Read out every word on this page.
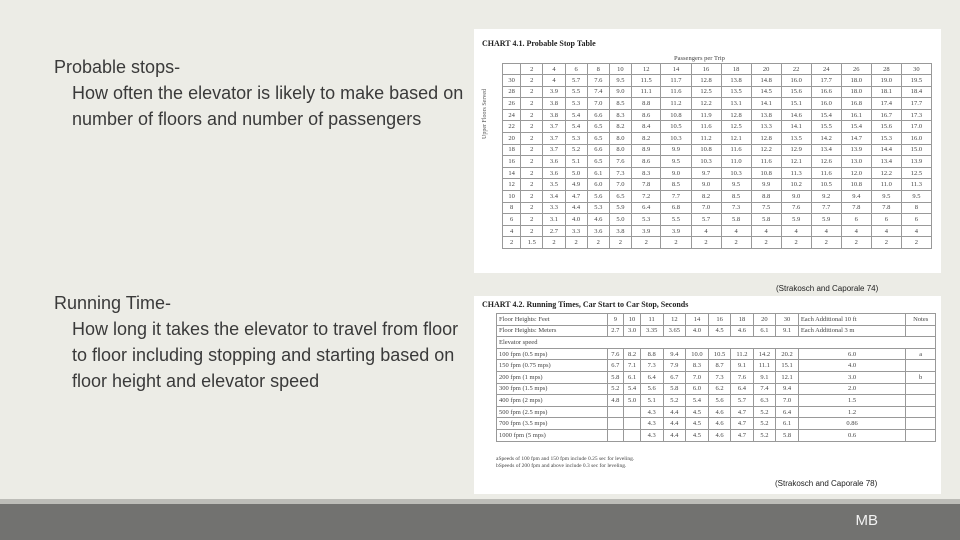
Probable stops-
How often the elevator is likely to make based on number of floors and number of passengers
Running Time-
How long it takes the elevator to travel from floor to floor including stopping and starting based on floor height and elevator speed
CHART 4.1. Probable Stop Table
Passengers per Trip
Upper Floors Served
	2	4	6	8	10	12	14	16	18	20	22	24	26	28	30
30	2	4	5.7	7.6	9.5	11.5	11.7	12.8	13.8	14.8	16.0	17.7	18.0	19.0	19.5
28	2	3.9	5.5	7.4	9.0	11.1	11.6	12.5	13.5	14.5	15.6	16.6	18.0	18.1	18.4
26	2	3.8	5.3	7.0	8.5	8.8	11.2	12.2	13.1	14.1	15.1	16.0	16.8	17.4	17.7
24	2	3.8	5.4	6.6	8.3	8.6	10.8	11.9	12.8	13.8	14.6	15.4	16.1	16.7	17.3
22	2	3.7	5.4	6.5	8.2	8.4	10.5	11.6	12.5	13.3	14.1	15.5	15.4	15.6	17.0
20	2	3.7	5.3	6.5	8.0	8.2	10.3	11.2	12.1	12.8	13.5	14.2	14.7	15.3	16.0
18	2	3.7	5.2	6.6	8.0	8.9	9.9	10.8	11.6	12.2	12.9	13.4	13.9	14.4	15.0
16	2	3.6	5.1	6.5	7.6	8.6	9.5	10.3	11.0	11.6	12.1	12.6	13.0	13.4	13.9
14	2	3.6	5.0	6.1	7.3	8.3	9.0	9.7	10.3	10.8	11.3	11.6	12.0	12.2	12.5
12	2	3.5	4.9	6.0	7.0	7.8	8.5	9.0	9.5	9.9	10.2	10.5	10.8	11.0	11.3
10	2	3.4	4.7	5.6	6.5	7.2	7.7	8.2	8.5	8.8	9.0	9.2	9.4	9.5	9.5
8	2	3.3	4.4	5.3	5.9	6.4	6.8	7.0	7.3	7.5	7.6	7.7	7.8	7.8	8
6	2	3.1	4.0	4.6	5.0	5.3	5.5	5.7	5.8	5.8	5.9	5.9	6	6	6
4	2	2.7	3.3	3.6	3.8	3.9	3.9	4	4	4	4	4	4	4	4
2	1.5	2	2	2	2	2	2	2	2	2	2	2	2	2	2
(Strakosch and Caporale 74)
CHART 4.2. Running Times, Car Start to Car Stop, Seconds
Floor Heights: Feet	9	10	11	12	14	16	18	20	30	Each Additional 10 ft	Notes
Floor Heights: Meters	2.7	3.0	3.35	3.65	4.0	4.5	4.6	6.1	9.1	Each Additional 3 m	
Elevator speed											
100 fpm (0.5 mps)	7.6	8.2	8.8	9.4	10.0	10.5	11.2	14.2	20.2	6.0	a
150 fpm (0.75 mps)	6.7	7.1	7.3	7.9	8.3	8.7	9.1	11.1	15.1	4.0	
200 fpm (1 mps)	5.8	6.1	6.4	6.7	7.0	7.3	7.6	9.1	12.1	3.0	b
300 fpm (1.5 mps)	5.2	5.4	5.6	5.8	6.0	6.2	6.4	7.4	9.4	2.0	
400 fpm (2 mps)	4.8	5.0	5.1	5.2	5.4	5.6	5.7	6.3	7.0	1.5	
500 fpm (2.5 mps)			4.3	4.4	4.5	4.6	4.7	5.2	6.4	1.2	
700 fpm (3.5 mps)			4.3	4.4	4.5	4.6	4.7	5.2	6.1	0.86	
1000 fpm (5 mps)			4.3	4.4	4.5	4.6	4.7	5.2	5.8	0.6	
aSpeeds of 100 fpm and 150 fpm include 0.25 sec for leveling.
bSpeeds of 200 fpm and above include 0.3 sec for leveling.
(Strakosch and Caporale 78)
MB
